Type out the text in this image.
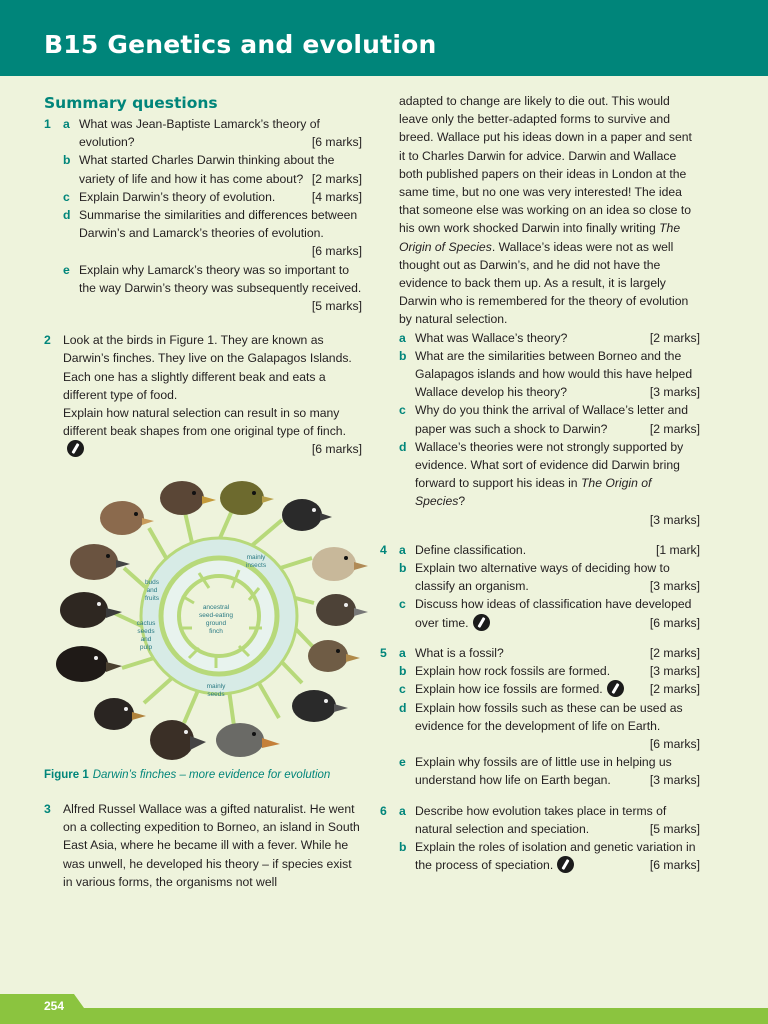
B15 Genetics and evolution
Summary questions
1 a What was Jean-Baptiste Lamarck’s theory of evolution?	[6 marks]
b What started Charles Darwin thinking about the variety of life and how it has come about? [2 marks]
c Explain Darwin’s theory of evolution.	[4 marks]
d Summarise the similarities and differences between Darwin’s and Lamarck’s theories of evolution.
[6 marks]
e Explain why Lamarck’s theory was so important to the way Darwin’s theory was subsequently received.
[5 marks]
2 Look at the birds in Figure 1. They are known as Darwin’s finches. They live on the Galapagos Islands. Each one has a slightly different beak and eats a different type of food.
Explain how natural selection can result in so many different beak shapes from one original type of finch.
[6 marks]
mainly
insects
buds
and
fruits
cactus
seeds
and
pulp
mainly
seeds
ancestral
seed-eating
ground
finch
Figure 1 Darwin’s finches – more evidence for evolution
3 Alfred Russel Wallace was a gifted naturalist. He went on a collecting expedition to Borneo, an island in South East Asia, where he became ill with a fever. While he was unwell, he developed his theory – if species exist in various forms, the organisms not well
adapted to change are likely to die out. This would leave only the better-adapted forms to survive and breed. Wallace put his ideas down in a paper and sent it to Charles Darwin for advice. Darwin and Wallace both published papers on their ideas in London at the same time, but no one was very interested! The idea that someone else was working on an idea so close to his own work shocked Darwin into finally writing The Origin of Species. Wallace’s ideas were not as well thought out as Darwin’s, and he did not have the evidence to back them up. As a result, it is largely Darwin who is remembered for the theory of evolution by natural selection.
a What was Wallace’s theory?	[2 marks]
b What are the similarities between Borneo and the Galapagos islands and how would this have helped Wallace develop his theory?	[3 marks]
c Why do you think the arrival of Wallace’s letter and paper was such a shock to Darwin?	[2 marks]
d Wallace’s theories were not strongly supported by evidence. What sort of evidence did Darwin bring forward to support his ideas in The Origin of Species?
[3 marks]
4 a Define classification.	[1 mark]
b Explain two alternative ways of deciding how to classify an organism.	[3 marks]
c Discuss how ideas of classification have developed over time.	[6 marks]
5 a What is a fossil?	[2 marks]
b Explain how rock fossils are formed.	[3 marks]
c Explain how ice fossils are formed.	[2 marks]
d Explain how fossils such as these can be used as evidence for the development of life on Earth.
[6 marks]
e Explain why fossils are of little use in helping us understand how life on Earth began.	[3 marks]
6 a Describe how evolution takes place in terms of natural selection and speciation.	[5 marks]
b Explain the roles of isolation and genetic variation in the process of speciation.	[6 marks]
254
